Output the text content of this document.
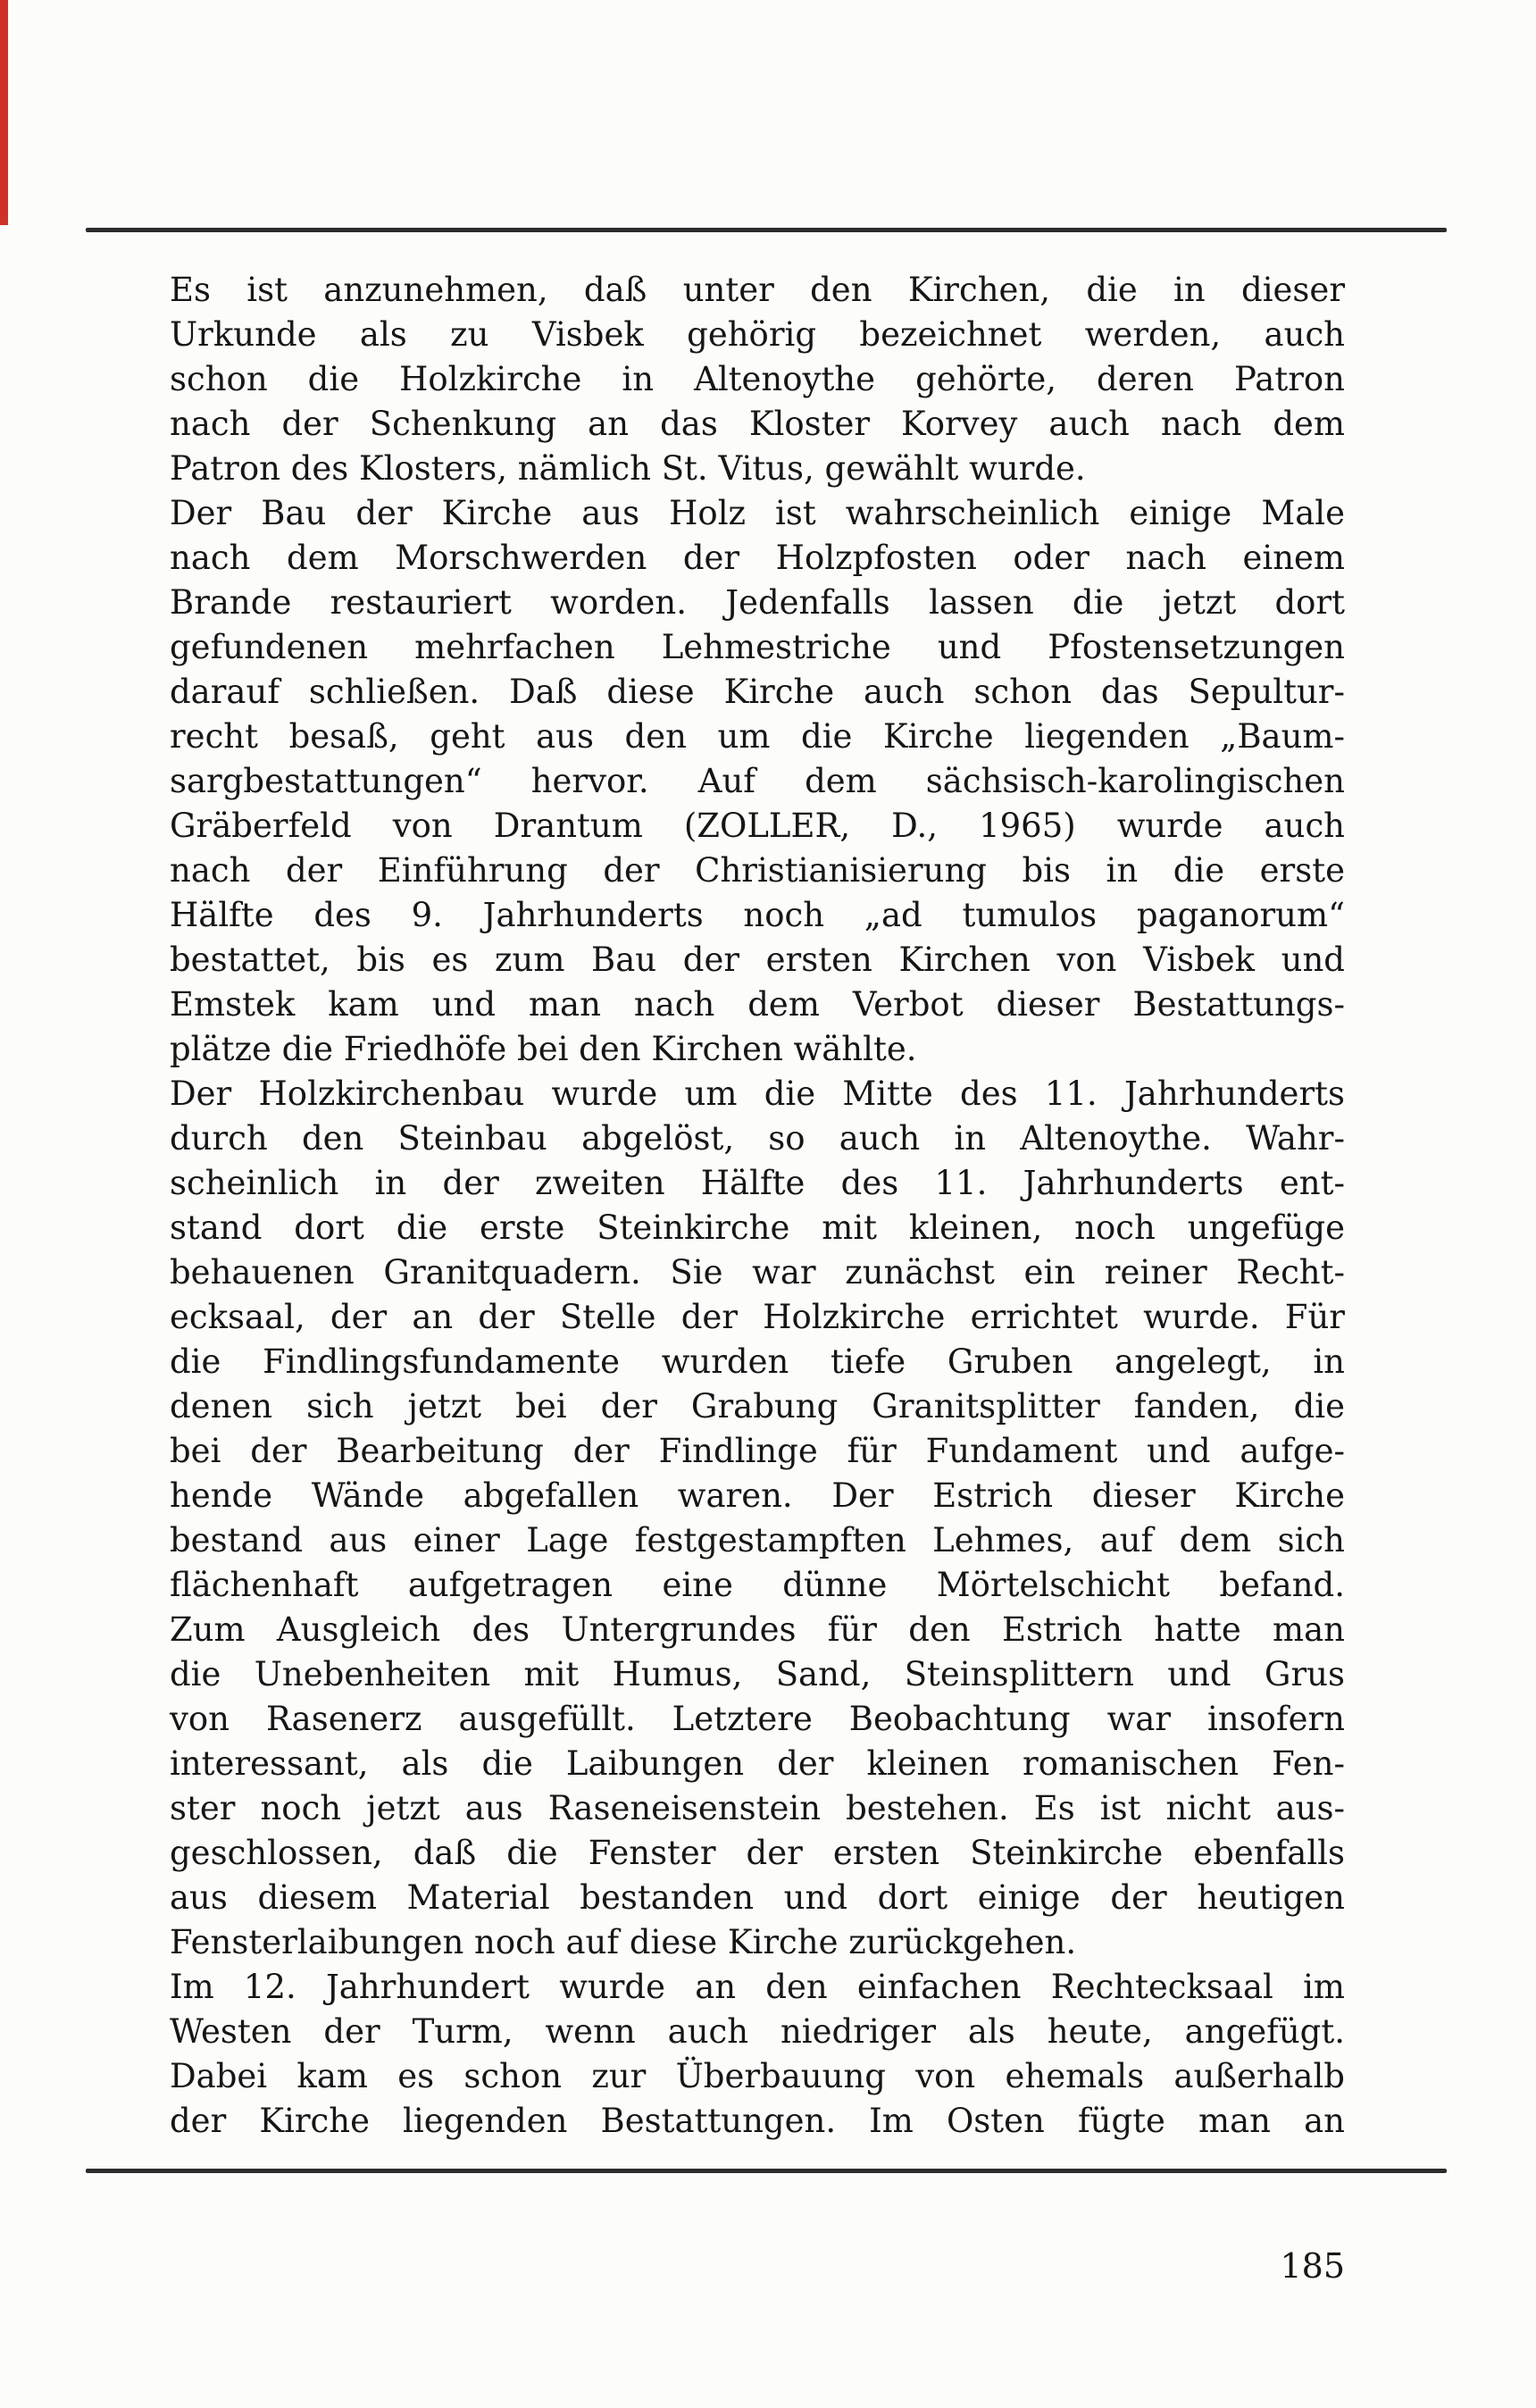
Es ist anzunehmen, daß unter den Kirchen, die in dieser
Urkunde als zu Visbek gehörig bezeichnet werden, auch
schon die Holzkirche in Altenoythe gehörte, deren Patron
nach der Schenkung an das Kloster Korvey auch nach dem
Patron des Klosters, nämlich St. Vitus, gewählt wurde.
Der Bau der Kirche aus Holz ist wahrscheinlich einige Male
nach dem Morschwerden der Holzpfosten oder nach einem
Brande restauriert worden. Jedenfalls lassen die jetzt dort
gefundenen mehrfachen Lehmestriche und Pfostensetzungen
darauf schließen. Daß diese Kirche auch schon das Sepultur-
recht besaß, geht aus den um die Kirche liegenden „Baum-
sargbestattungen“ hervor. Auf dem sächsisch-karolingischen
Gräberfeld von Drantum (ZOLLER, D., 1965) wurde auch
nach der Einführung der Christianisierung bis in die erste
Hälfte des 9. Jahrhunderts noch „ad tumulos paganorum“
bestattet, bis es zum Bau der ersten Kirchen von Visbek und
Emstek kam und man nach dem Verbot dieser Bestattungs-
plätze die Friedhöfe bei den Kirchen wählte.
Der Holzkirchenbau wurde um die Mitte des 11. Jahrhunderts
durch den Steinbau abgelöst, so auch in Altenoythe. Wahr-
scheinlich in der zweiten Hälfte des 11. Jahrhunderts ent-
stand dort die erste Steinkirche mit kleinen, noch ungefüge
behauenen Granitquadern. Sie war zunächst ein reiner Recht-
ecksaal, der an der Stelle der Holzkirche errichtet wurde. Für
die Findlingsfundamente wurden tiefe Gruben angelegt, in
denen sich jetzt bei der Grabung Granitsplitter fanden, die
bei der Bearbeitung der Findlinge für Fundament und aufge-
hende Wände abgefallen waren. Der Estrich dieser Kirche
bestand aus einer Lage festgestampften Lehmes, auf dem sich
flächenhaft aufgetragen eine dünne Mörtelschicht befand.
Zum Ausgleich des Untergrundes für den Estrich hatte man
die Unebenheiten mit Humus, Sand, Steinsplittern und Grus
von Rasenerz ausgefüllt. Letztere Beobachtung war insofern
interessant, als die Laibungen der kleinen romanischen Fen-
ster noch jetzt aus Raseneisenstein bestehen. Es ist nicht aus-
geschlossen, daß die Fenster der ersten Steinkirche ebenfalls
aus diesem Material bestanden und dort einige der heutigen
Fensterlaibungen noch auf diese Kirche zurückgehen.
Im 12. Jahrhundert wurde an den einfachen Rechtecksaal im
Westen der Turm, wenn auch niedriger als heute, angefügt.
Dabei kam es schon zur Überbauung von ehemals außerhalb
der Kirche liegenden Bestattungen. Im Osten fügte man an
185
